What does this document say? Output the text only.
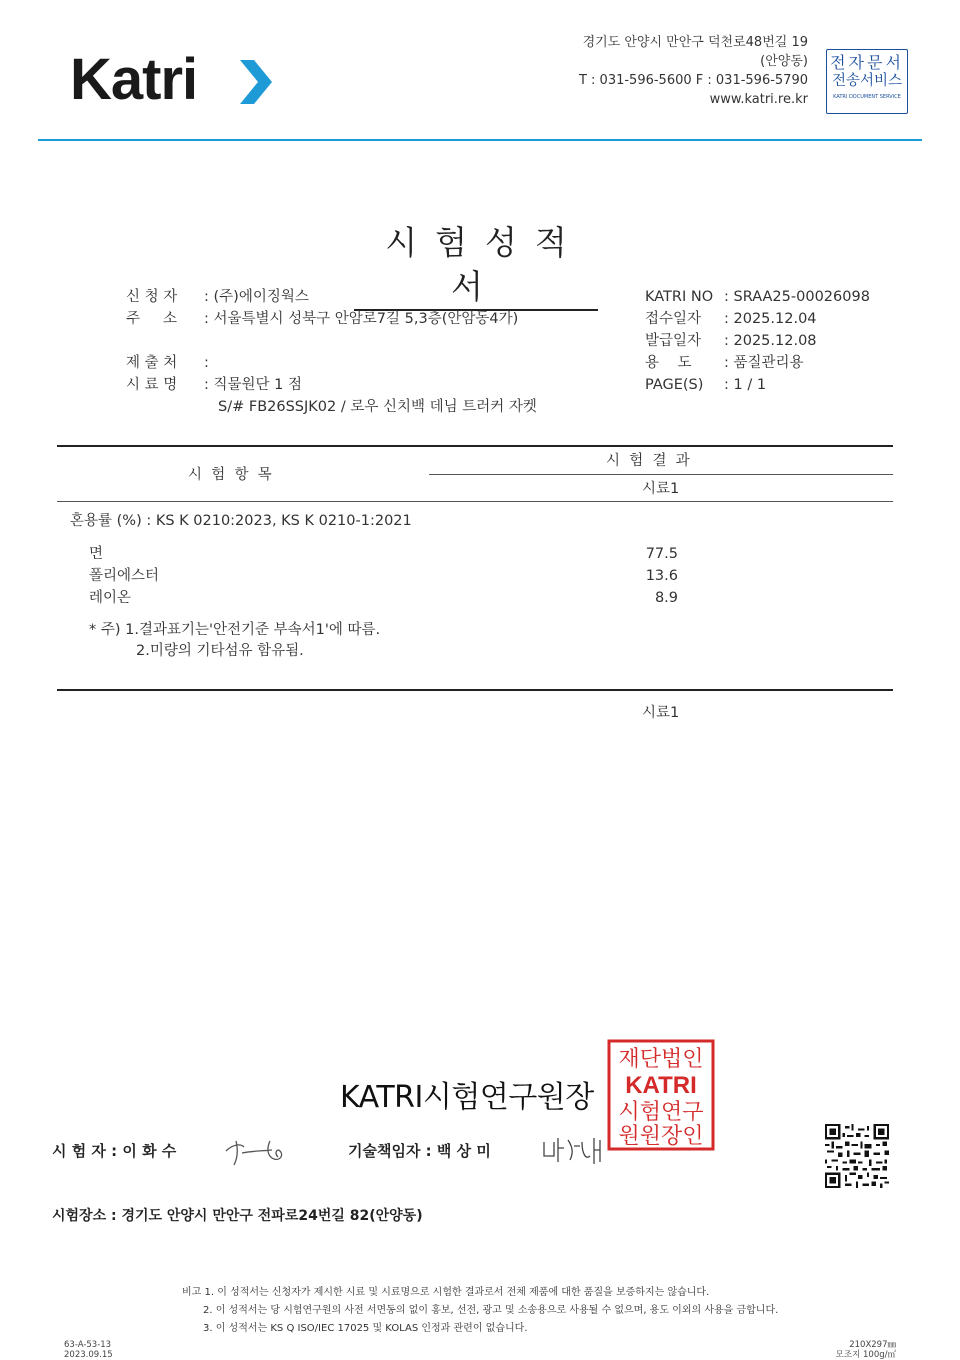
Katri
경기도 안양시 만안구 덕천로48번길 19
(안양동)
T : 031-596-5600 F : 031-596-5790
www.katri.re.kr
전자문서
전송서비스
KATRI DOCUMENT SERVICE
시험성적서
신 청 자 : (주)에이징웍스
주     소 : 서울특별시 성북구 안암로7길 5,3층(안암동4가)
제 출 처 :
시 료 명 : 직물원단 1 점
S/# FB26SSJK02 / 로우 신치백 데님 트러커 자켓
KATRI NO : SRAA25-00026098
접수일자 : 2025.12.04
발급일자 : 2025.12.08
용    도 : 품질관리용
PAGE(S) : 1 / 1
시  험  항  목
시  험  결  과
시료1
혼용률 (%) : KS K 0210:2023, KS K 0210-1:2021
면	77.5
폴리에스터	13.6
레이온	8.9
* 주) 1.결과표기는'안전기준 부속서1'에 따름.
2.미량의 기타섬유 함유됨.
시료1
KATRI시험연구원장
재단법인
KATRI
시험연구
원원장인
시 험 자 : 이 화 수	기술책임자 : 백 상 미
시험장소 : 경기도 안양시 만안구 전파로24번길 82(안양동)
비고 1. 이 성적서는 신청자가 제시한 시료 및 시료명으로 시험한 결과로서 전체 제품에 대한 품질을 보증하지는 않습니다.
2. 이 성적서는 당 시험연구원의 사전 서면동의 없이 홍보, 선전, 광고 및 소송용으로 사용될 수 없으며, 용도 이외의 사용을 금합니다.
3. 이 성적서는 KS Q ISO/IEC 17025 및 KOLAS 인정과 관련이 없습니다.
63-A-53-13
2023.09.15
210X297㎜
모조지 100g/㎡
